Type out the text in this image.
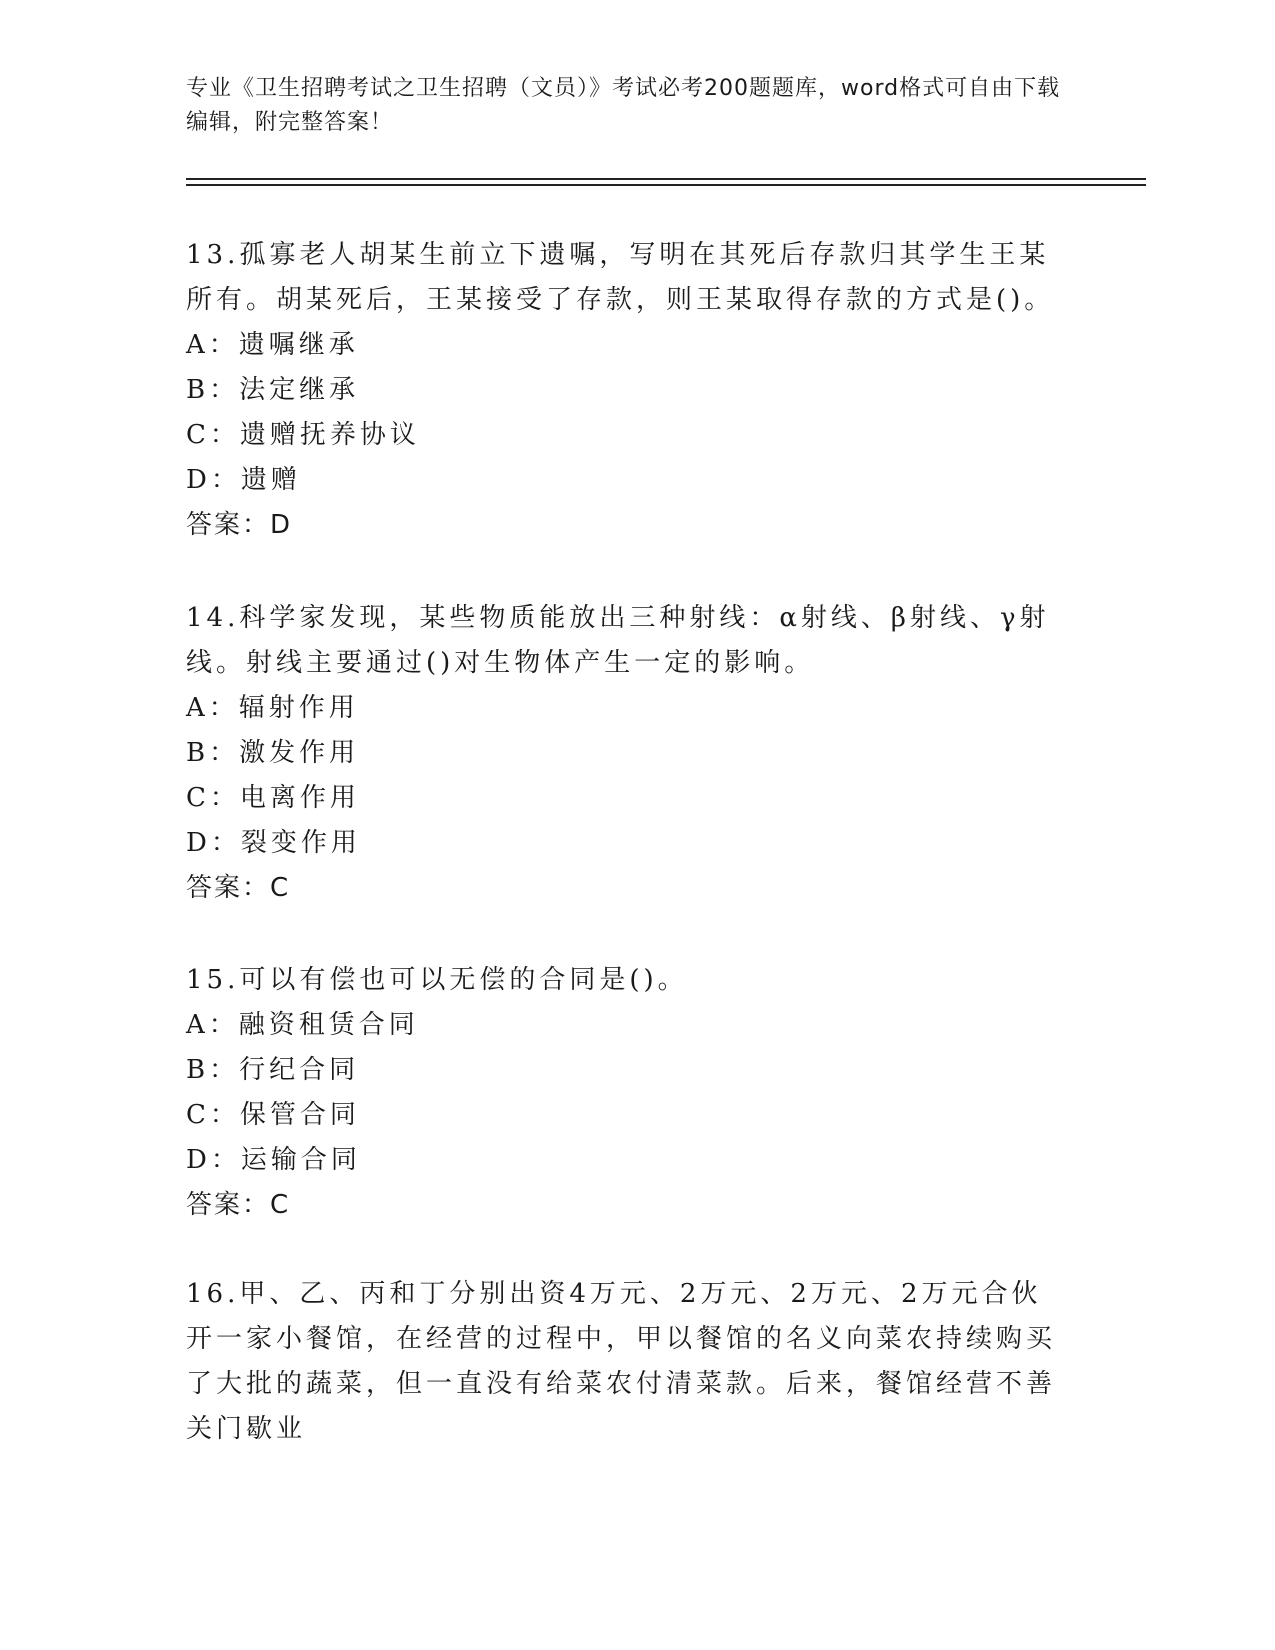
专业《卫生招聘考试之卫生招聘（文员）》考试必考200题题库，word格式可自由下载编辑，附完整答案！

13.孤寡老人胡某生前立下遗嘱，写明在其死后存款归其学生王某所有。胡某死后，王某接受了存款，则王某取得存款的方式是()。

A：遗嘱继承

B：法定继承

C：遗赠抚养协议

D：遗赠

答案：D

14.科学家发现，某些物质能放出三种射线：α射线、β射线、γ射线。射线主要通过()对生物体产生一定的影响。

A：辐射作用

B：激发作用

C：电离作用

D：裂变作用

答案：C

15.可以有偿也可以无偿的合同是()。

A：融资租赁合同

B：行纪合同

C：保管合同

D：运输合同

答案：C

16.甲、乙、丙和丁分别出资4万元、2万元、2万元、2万元合伙开一家小餐馆，在经营的过程中，甲以餐馆的名义向菜农持续购买了大批的蔬菜，但一直没有给菜农付清菜款。后来，餐馆经营不善关门歇业
